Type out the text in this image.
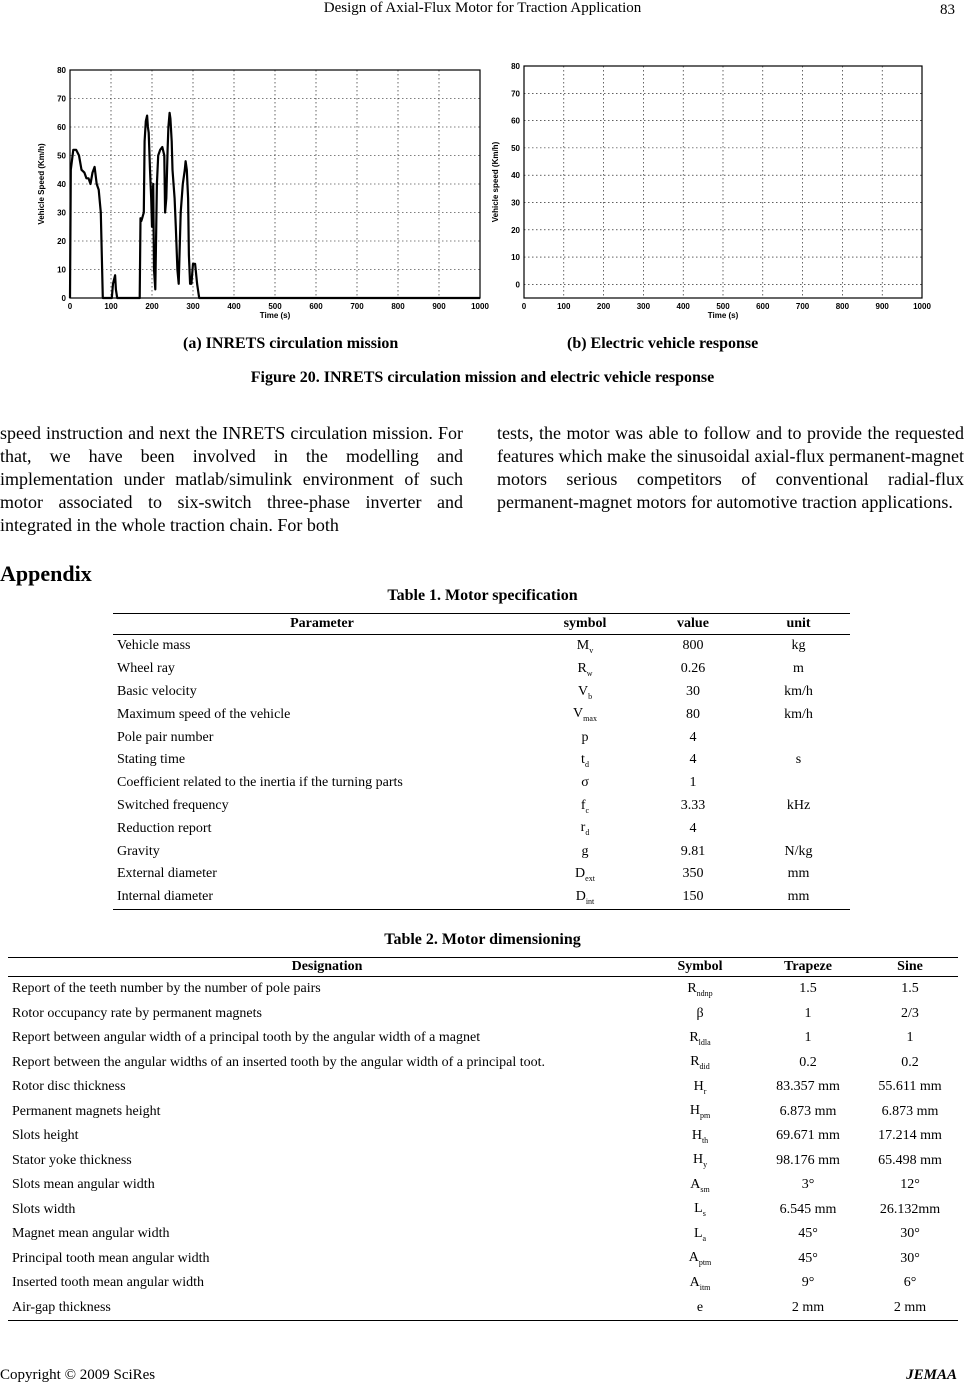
Design of Axial-Flux Motor for Traction Application	83
0	100	200	300	400	500	600	700	800	900	1000
0
10
20
30
40
50
60
70
80
Time (s)
Vehicle Speed (Km/h)
0	100	200	300	400	500	600	700	800	900	1000
0
10
20
30
40
50
60
70
80
Time (s)
Vehicle speed (Km/h)
(a) INRETS circulation mission	(b) Electric vehicle response
Figure 20. INRETS circulation mission and electric vehicle response

speed instruction and next the INRETS circulation mission. For that, we have been involved in the modelling and implementation under matlab/simulink environment of such motor associated to six-switch three-phase inverter and integrated in the whole traction chain. For both

tests, the motor was able to follow and to provide the requested features which make the sinusoidal axial-flux permanent-magnet motors serious competitors of conventional radial-flux permanent-magnet motors for automotive traction applications.

Appendix
Table 1. Motor specification
Parameter	symbol	value	unit
Vehicle mass	$M_v$	800	kg
Wheel ray	$R_w$	0.26	m
Basic velocity	$V_b$	30	km/h
Maximum speed of the vehicle	$V_{max}$	80	km/h
Pole pair number	p	4	
Stating time	$t_d$	4	s
Coefficient related to the inertia if the turning parts	σ	1	
Switched frequency	$f_c$	3.33	kHz
Reduction report	$r_d$	4	
Gravity	g	9.81	N/kg
External diameter	$D_{ext}$	350	mm
Internal diameter	$D_{int}$	150	mm
Table 2. Motor dimensioning
Designation	Symbol	Trapeze	Sine
Report of the teeth number by the number of pole pairs	$R_{ndnp}$	1.5	1.5
Rotor occupancy rate by permanent magnets	β	1	2/3
Report between angular width of a principal tooth by the angular width of a magnet	$R_{ldla}$	1	1
Report between the angular widths of an inserted tooth by the angular width of a principal toot.	$R_{did}$	0.2	0.2
Rotor disc thickness	$H_r$	83.357 mm	55.611 mm
Permanent magnets height	$H_{pm}$	6.873 mm	6.873 mm
Slots height	$H_{th}$	69.671 mm	17.214 mm
Stator yoke thickness	$H_y$	98.176 mm	65.498 mm
Slots mean angular width	$A_{sm}$	3°	12°
Slots width	$L_s$	6.545 mm	26.132mm
Magnet mean angular width	$L_a$	45°	30°
Principal tooth mean angular width	$A_{ptm}$	45°	30°
Inserted tooth mean angular width	$A_{itm}$	9°	6°
Air-gap thickness	e	2 mm	2 mm
Copyright © 2009 SciRes	JEMAA
